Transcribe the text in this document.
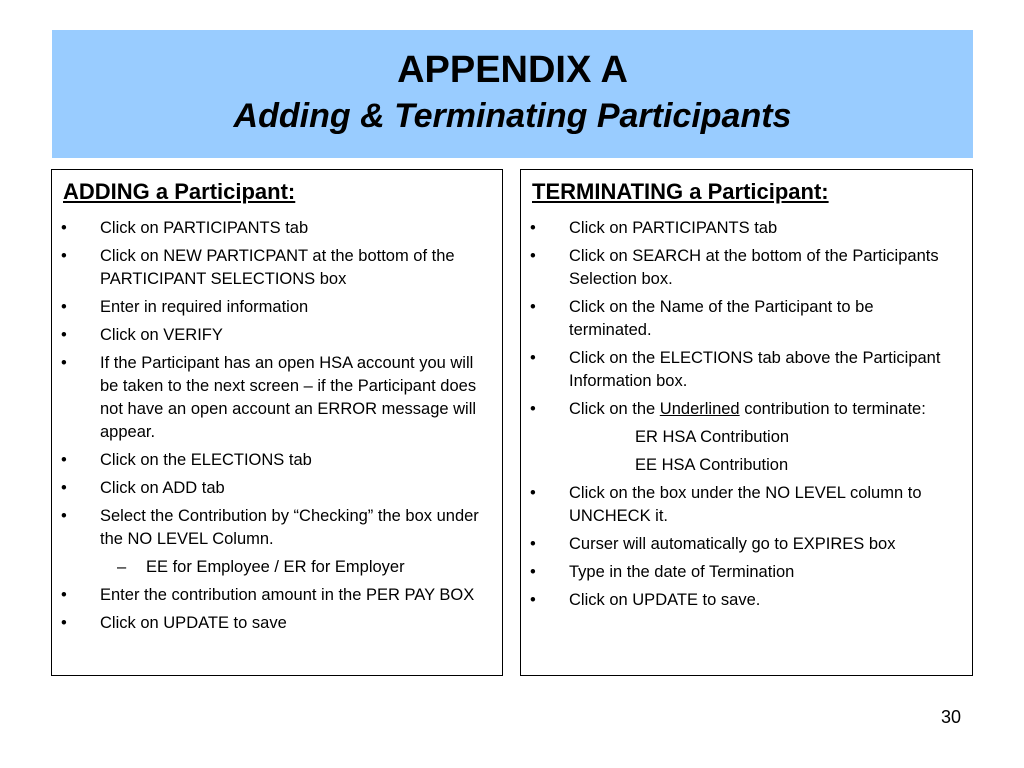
APPENDIX A
Adding & Terminating Participants
ADDING a Participant:
• Click on PARTICIPANTS tab
• Click on NEW PARTICPANT at the bottom of the PARTICIPANT SELECTIONS box
• Enter in required information
• Click on VERIFY
• If the Participant has an open HSA account you will be taken to the next screen – if the Participant does not have an open account an ERROR message will appear.
• Click on the ELECTIONS tab
• Click on ADD tab
• Select the Contribution by “Checking” the box under the NO LEVEL Column.
– EE for Employee / ER for Employer
• Enter the contribution amount in the PER PAY BOX
• Click on UPDATE to save
TERMINATING a Participant:
• Click on PARTICIPANTS tab
• Click on SEARCH at the bottom of the Participants Selection box.
• Click on the Name of the Participant to be terminated.
• Click on the ELECTIONS tab above the Participant Information box.
• Click on the Underlined contribution to terminate:
ER HSA Contribution
EE HSA Contribution
• Click on the box under the NO LEVEL column to UNCHECK it.
• Curser will automatically go to EXPIRES box
• Type in the date of Termination
• Click on UPDATE to save.
30
